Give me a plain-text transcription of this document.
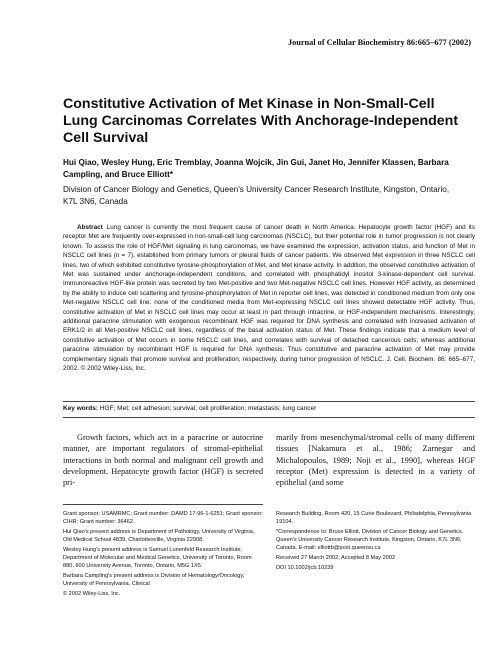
Journal of Cellular Biochemistry 86:665–677 (2002)
Constitutive Activation of Met Kinase in Non-Small-Cell Lung Carcinomas Correlates With Anchorage-Independent Cell Survival
Hui Qiao, Wesley Hung, Eric Tremblay, Joanna Wojcik, Jin Gui, Janet Ho, Jennifer Klassen, Barbara Campling, and Bruce Elliott*
Division of Cancer Biology and Genetics, Queen's University Cancer Research Institute, Kingston, Ontario, K7L 3N6, Canada
Abstract Lung cancer is currently the most frequent cause of cancer death in North America. Hepatocyte growth factor (HGF) and its receptor Met are frequently over-expressed in non-small-cell lung carcinomas (NSCLC), but their potential role in tumor progression is not clearly known. To assess the role of HGF/Met signaling in lung carcinomas, we have examined the expression, activation status, and function of Met in NSCLC cell lines (n = 7), established from primary tumors or pleural fluids of cancer patients. We observed Met expression in three NSCLC cell lines, two of which exhibited constitutive tyrosine-phosphorylation of Met, and Met kinase activity. In addition, the observed constitutive activation of Met was sustained under anchorage-independent conditions, and correlated with phosphatidyl inositol 3-kinase-dependent cell survival. Immunoreactive HGF-like protein was secreted by two Met-positive and two Met-negative NSCLC cell lines. However HGF activity, as determined by the ability to induce cell scattering and tyrosine-phosphorylation of Met in reporter cell lines, was detected in conditioned medium from only one Met-negative NSCLC cell line: none of the conditioned media from Met-expressing NSCLC cell lines showed detectable HGF activity. Thus, constitutive activation of Met in NSCLC cell lines may occur at least in part through intracrine, or HGF-independent mechanisms. Interestingly, additional paracrine stimulation with exogenous recombinant HGF was required for DNA synthesis and correlated with increased activation of ERK1/2 in all Met-positive NSCLC cell lines, regardless of the basal activation status of Met. These findings indicate that a medium level of constitutive activation of Met occurs in some NSCLC cell lines, and correlates with survival of detached cancerous cells; whereas additional paracrine stimulation by recombinant HGF is required for DNA synthesis. Thus constitutive and paracrine activation of Met may provide complementary signals that promote survival and proliferation, respectively, during tumor progression of NSCLC. J. Cell. Biochem. 86: 665–677, 2002. © 2002 Wiley-Liss, Inc.
Key words: HGF; Met; cell adhesion; survival; cell proliferation; metastasis; lung cancer
Growth factors, which act in a paracrine or autocrine manner, are important regulators of stromal-epithelial interactions in both normal and malignant cell growth and development. Hepatocyte growth factor (HGF) is secreted pri-
marily from mesenchymal/stromal cells of many different tissues [Nakamura et al., 1986; Zarnegar and Michalopoulos, 1989; Noji et al., 1990], whereas HGF receptor (Met) expression is detected in a variety of epithelial (and some

Grant sponsor: USAMRMC; Grant number: DAMD 17-96-1-6251; Grant sponsor: CIHR; Grant number: 36462.

Hui Qiao's present address is Department of Pathology, University of Virginia, Old Medical School 4839, Charlottesville, Virginia 22908.

Wesley Hung's present address is Samuel Lunenfeld Research Institute, Department of Molecular and Medical Genetics, University of Toronto, Room 880, 600 University Avenue, Toronto, Ontario, M5G 1X5.

Barbara Campling's present address is Division of Hematology/Oncology, University of Pennsylvania, Clinical

© 2002 Wiley-Liss, Inc.

Research Building, Room 420, 15 Curie Boulevard, Philadelphia, Pennsylvania 19104.

*Correspondence to: Bruce Elliott, Division of Cancer Biology and Genetics, Queen's University Cancer Research Institute, Kingston, Ontario, K7L 3N6, Canada. E-mail: elliottb@post.queensu.ca

Received 27 March 2002; Accepted 8 May 2002

DOI 10.1002/jcb.10239
